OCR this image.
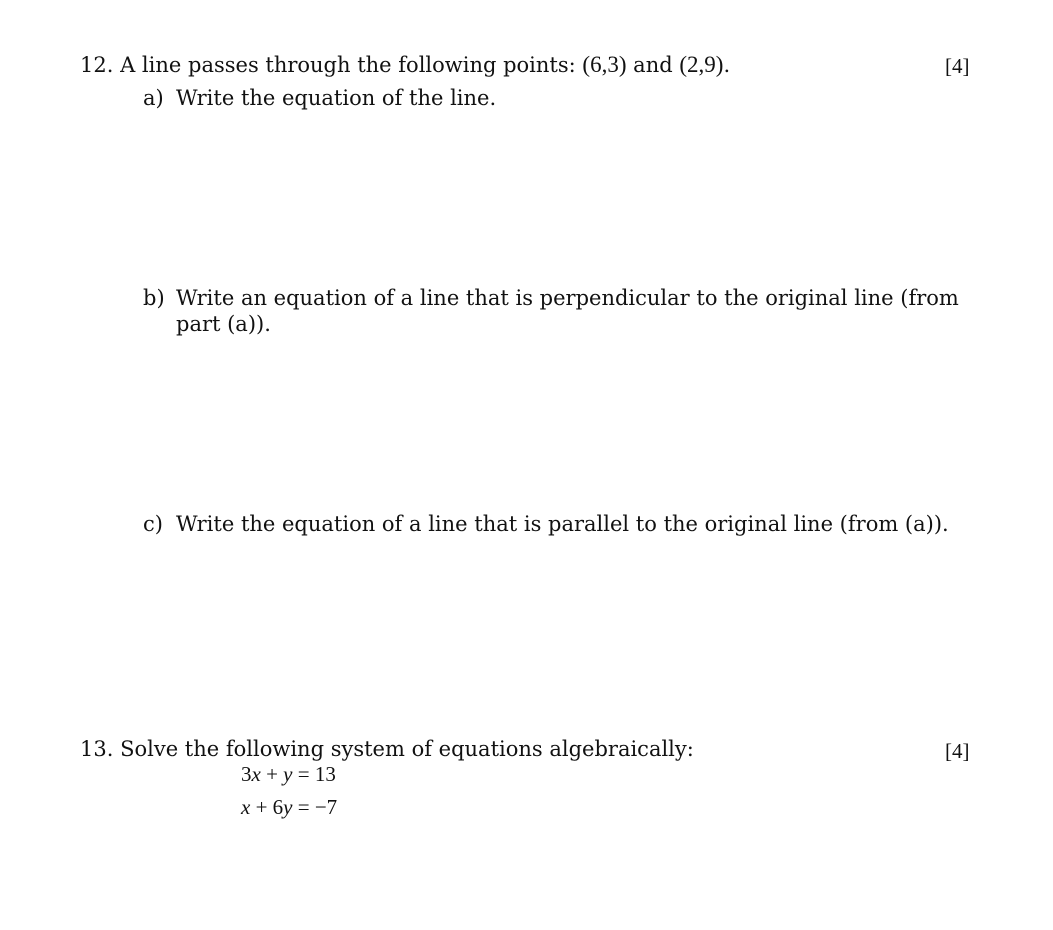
12. A line passes through the following points: (6,3) and (2,9).	[4]
a) Write the equation of the line.
b) Write an equation of a line that is perpendicular to the original line (from
part (a)).
c) Write the equation of a line that is parallel to the original line (from (a)).
13. Solve the following system of equations algebraically:	[4]
3x + y = 13
x + 6y = −7
